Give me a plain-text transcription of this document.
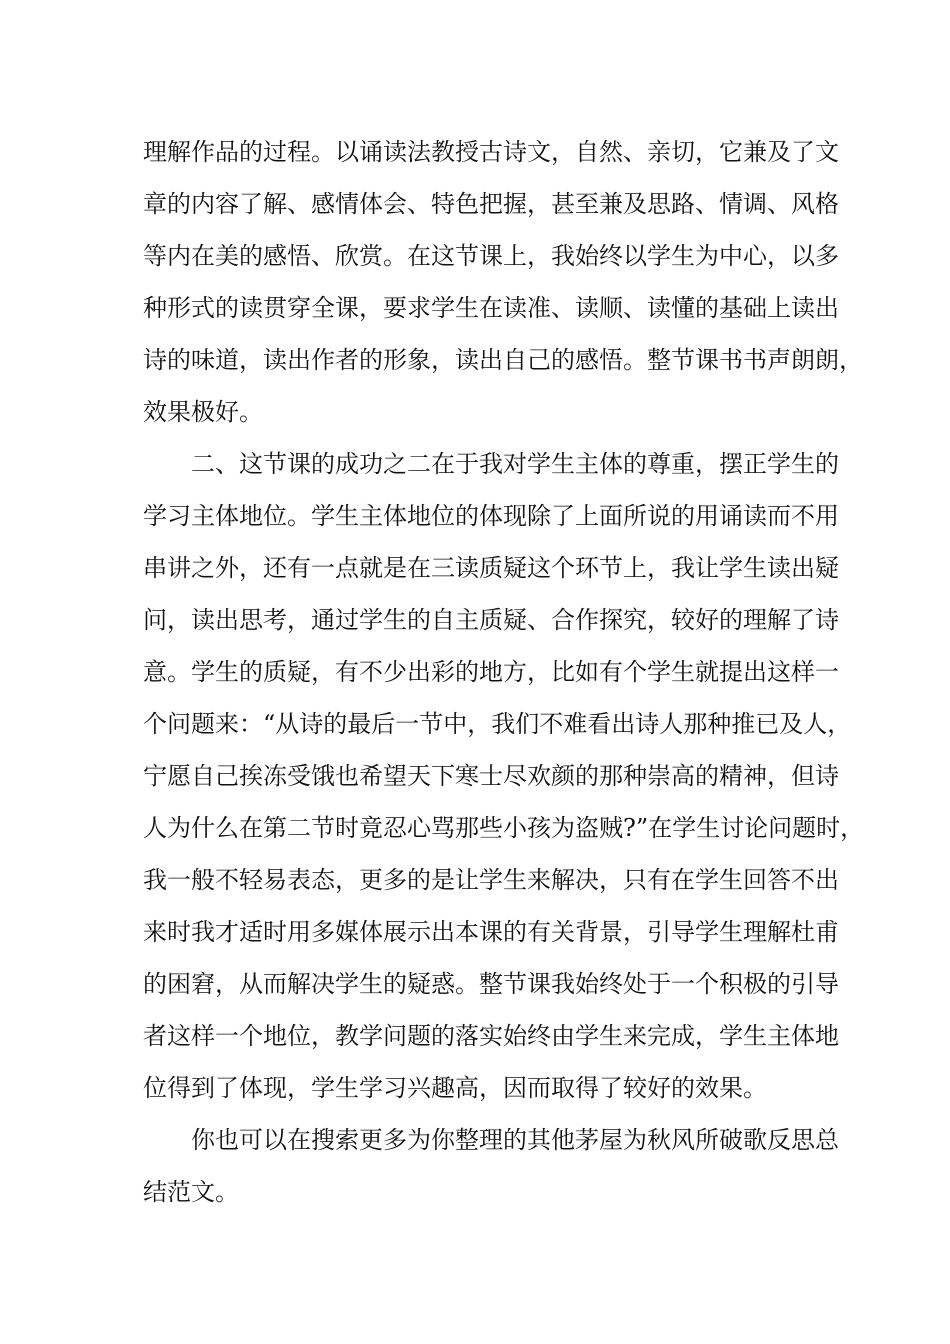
理解作品的过程。以诵读法教授古诗文，自然、亲切，它兼及了文
章的内容了解、感情体会、特色把握，甚至兼及思路、情调、风格
等内在美的感悟、欣赏。在这节课上，我始终以学生为中心，以多
种形式的读贯穿全课，要求学生在读准、读顺、读懂的基础上读出
诗的味道，读出作者的形象，读出自己的感悟。整节课书书声朗朗，
效果极好。
二、这节课的成功之二在于我对学生主体的尊重，摆正学生的
学习主体地位。学生主体地位的体现除了上面所说的用诵读而不用
串讲之外，还有一点就是在三读质疑这个环节上，我让学生读出疑
问，读出思考，通过学生的自主质疑、合作探究，较好的理解了诗
意。学生的质疑，有不少出彩的地方，比如有个学生就提出这样一
个问题来：“从诗的最后一节中，我们不难看出诗人那种推已及人，
宁愿自己挨冻受饿也希望天下寒士尽欢颜的那种崇高的精神，但诗
人为什么在第二节时竟忍心骂那些小孩为盗贼?”在学生讨论问题时，
我一般不轻易表态，更多的是让学生来解决，只有在学生回答不出
来时我才适时用多媒体展示出本课的有关背景，引导学生理解杜甫
的困窘，从而解决学生的疑惑。整节课我始终处于一个积极的引导
者这样一个地位，教学问题的落实始终由学生来完成，学生主体地
位得到了体现，学生学习兴趣高，因而取得了较好的效果。
你也可以在搜索更多为你整理的其他茅屋为秋风所破歌反思总
结范文。
